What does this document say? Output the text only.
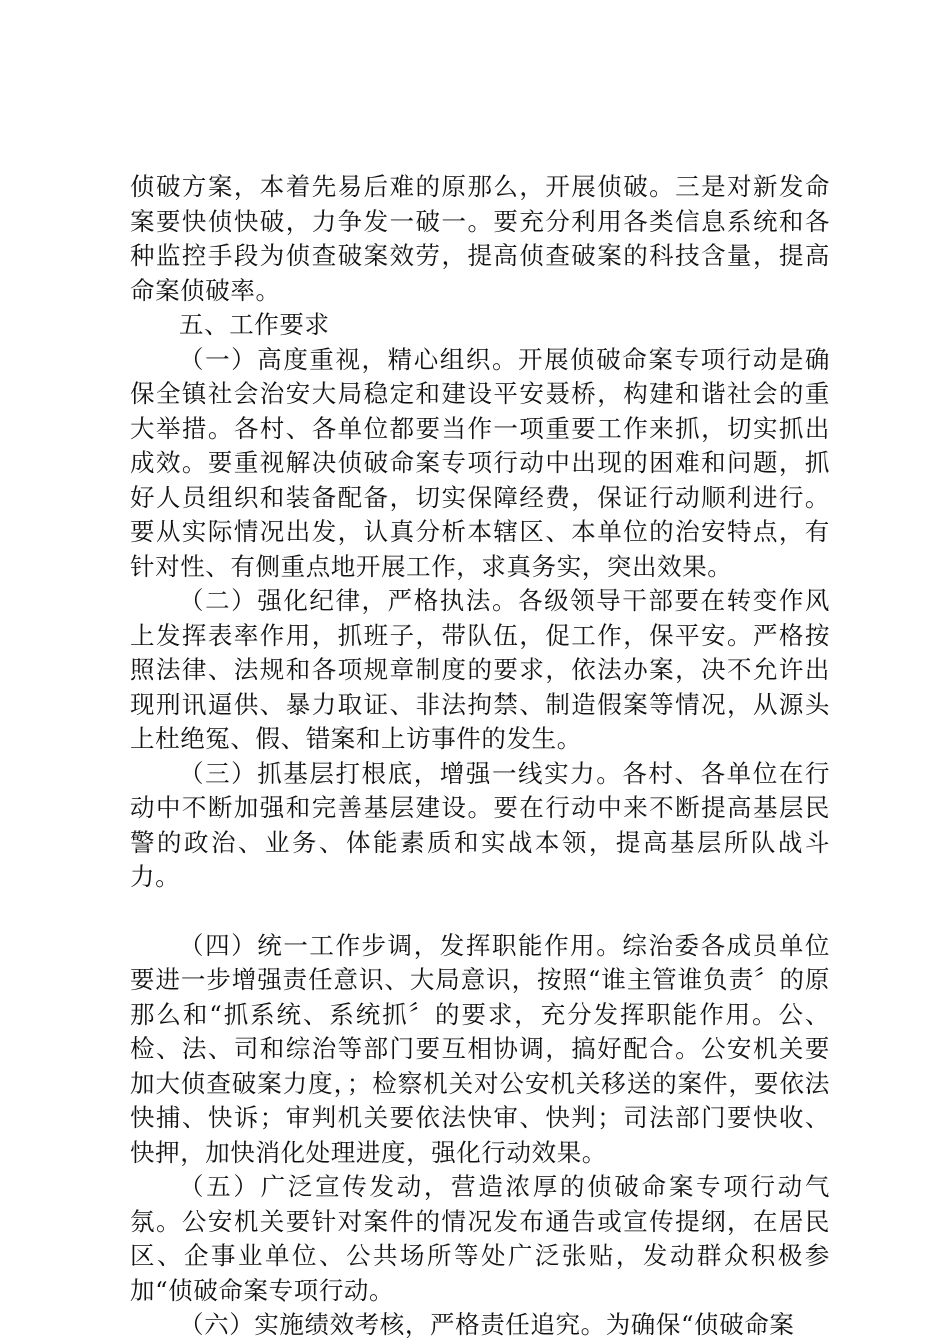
侦破方案，本着先易后难的原那么，开展侦破。三是对新发命案要快侦快破，力争发一破一。要充分利用各类信息系统和各种监控手段为侦查破案效劳，提高侦查破案的科技含量，提高命案侦破率。

五、工作要求

（一）高度重视，精心组织。开展侦破命案专项行动是确保全镇社会治安大局稳定和建设平安聂桥，构建和谐社会的重大举措。各村、各单位都要当作一项重要工作来抓，切实抓出成效。要重视解决侦破命案专项行动中出现的困难和问题，抓好人员组织和装备配备，切实保障经费，保证行动顺利进行。要从实际情况出发，认真分析本辖区、本单位的治安特点，有针对性、有侧重点地开展工作，求真务实，突出效果。

（二）强化纪律，严格执法。各级领导干部要在转变作风上发挥表率作用，抓班子，带队伍，促工作，保平安。严格按照法律、法规和各项规章制度的要求，依法办案，决不允许出现刑讯逼供、暴力取证、非法拘禁、制造假案等情况，从源头上杜绝冤、假、错案和上访事件的发生。

（三）抓基层打根底，增强一线实力。各村、各单位在行动中不断加强和完善基层建设。要在行动中来不断提高基层民警的政治、业务、体能素质和实战本领，提高基层所队战斗力。

（四）统一工作步调，发挥职能作用。综治委各成员单位要进一步增强责任意识、大局意识，按照“谁主管谁负责〞的原那么和“抓系统、系统抓〞的要求，充分发挥职能作用。公、检、法、司和综治等部门要互相协调，搞好配合。公安机关要加大侦查破案力度，；检察机关对公安机关移送的案件，要依法快捕、快诉；审判机关要依法快审、快判；司法部门要快收、快押，加快消化处理进度，强化行动效果。

（五）广泛宣传发动，营造浓厚的侦破命案专项行动气氛。公安机关要针对案件的情况发布通告或宣传提纲，在居民区、企事业单位、公共场所等处广泛张贴，发动群众积极参加“侦破命案专项行动。

（六）实施绩效考核，严格责任追究。为确保“侦破命案
